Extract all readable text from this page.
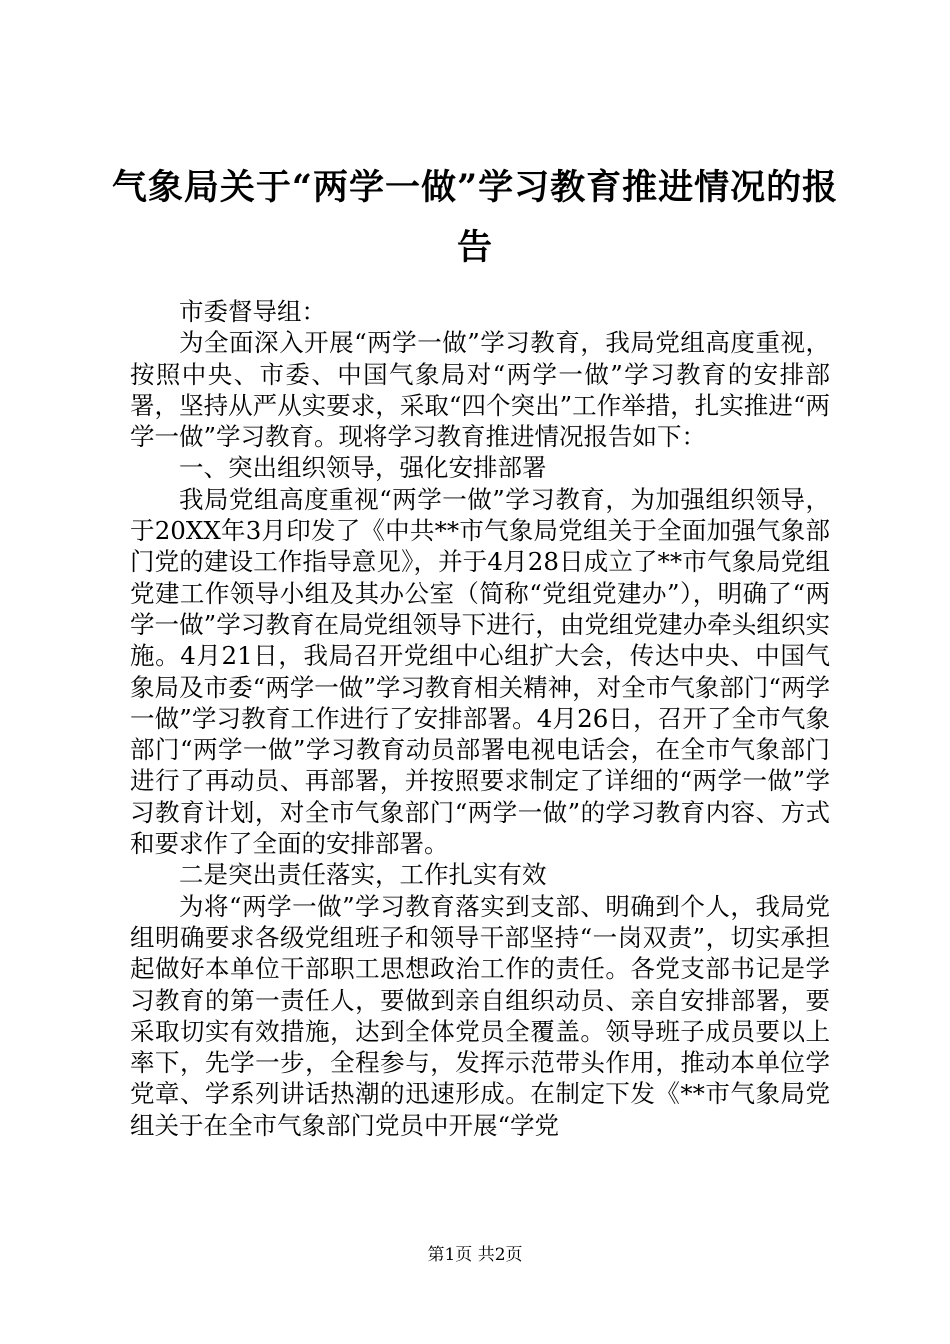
气象局关于“两学一做”学习教育推进情况的报告

市委督导组：

为全面深入开展“两学一做”学习教育，我局党组高度重视，按照中央、市委、中国气象局对“两学一做”学习教育的安排部署，坚持从严从实要求，采取“四个突出”工作举措，扎实推进“两学一做”学习教育。现将学习教育推进情况报告如下：

一、突出组织领导，强化安排部署

我局党组高度重视“两学一做”学习教育，为加强组织领导，于20XX年3月印发了《中共**市气象局党组关于全面加强气象部门党的建设工作指导意见》，并于4月28日成立了**市气象局党组党建工作领导小组及其办公室（简称“党组党建办”），明确了“两学一做”学习教育在局党组领导下进行，由党组党建办牵头组织实施。4月21日，我局召开党组中心组扩大会，传达中央、中国气象局及市委“两学一做”学习教育相关精神，对全市气象部门“两学一做”学习教育工作进行了安排部署。4月26日，召开了全市气象部门“两学一做”学习教育动员部署电视电话会，在全市气象部门进行了再动员、再部署，并按照要求制定了详细的“两学一做”学习教育计划，对全市气象部门“两学一做”的学习教育内容、方式和要求作了全面的安排部署。

二是突出责任落实，工作扎实有效

为将“两学一做”学习教育落实到支部、明确到个人，我局党组明确要求各级党组班子和领导干部坚持“一岗双责”，切实承担起做好本单位干部职工思想政治工作的责任。各党支部书记是学习教育的第一责任人，要做到亲自组织动员、亲自安排部署，要采取切实有效措施，达到全体党员全覆盖。领导班子成员要以上率下，先学一步，全程参与，发挥示范带头作用，推动本单位学党章、学系列讲话热潮的迅速形成。在制定下发《**市气象局党组关于在全市气象部门党员中开展“学党

第1页 共2页
